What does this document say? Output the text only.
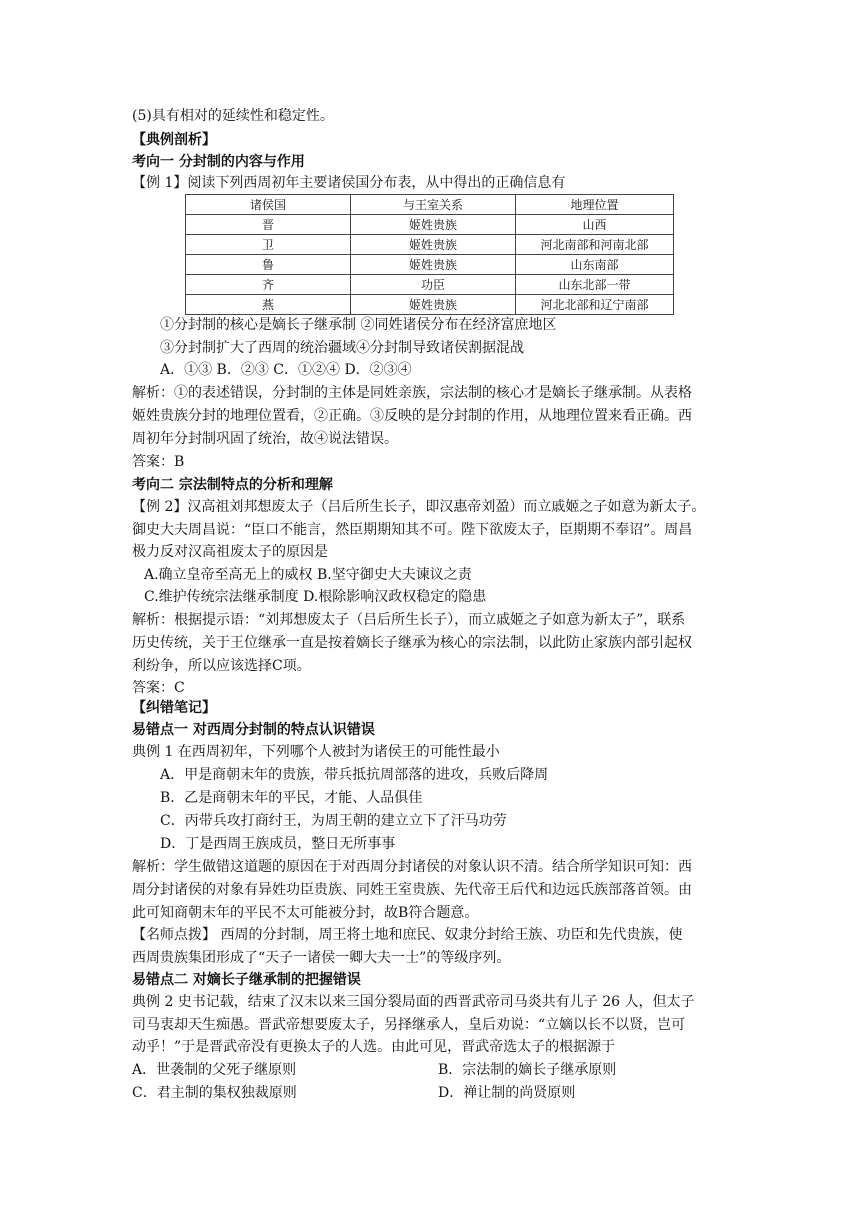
(5)具有相对的延续性和稳定性。
【典例剖析】
考向一 分封制的内容与作用
【例 1】阅读下列西周初年主要诸侯国分布表，从中得出的正确信息有
诸侯国	与王室关系	地理位置
晋	姬姓贵族	山西
卫	姬姓贵族	河北南部和河南北部
鲁	姬姓贵族	山东南部
齐	功臣	山东北部一带
燕	姬姓贵族	河北北部和辽宁南部
①分封制的核心是嫡长子继承制 ②同姓诸侯分布在经济富庶地区
③分封制扩大了西周的统治疆域④分封制导致诸侯割据混战
A．①③ B．②③ C．①②④ D．②③④
解析：①的表述错误，分封制的主体是同姓亲族，宗法制的核心才是嫡长子继承制。从表格
姬姓贵族分封的地理位置看，②正确。③反映的是分封制的作用，从地理位置来看正确。西
周初年分封制巩固了统治，故④说法错误。
答案：B
考向二 宗法制特点的分析和理解
【例 2】汉高祖刘邦想废太子（吕后所生长子，即汉惠帝刘盈）而立戚姬之子如意为新太子。
御史大夫周昌说：“臣口不能言，然臣期期知其不可。陛下欲废太子，臣期期不奉诏”。周昌
极力反对汉高祖废太子的原因是
A.确立皇帝至高无上的威权 B.坚守御史大夫谏议之责
C.维护传统宗法继承制度 D.根除影响汉政权稳定的隐患
解析：根据提示语：“刘邦想废太子（吕后所生长子），而立戚姬之子如意为新太子”，联系
历史传统，关于王位继承一直是按着嫡长子继承为核心的宗法制，以此防止家族内部引起权
利纷争，所以应该选择C项。
答案：C
【纠错笔记】
易错点一 对西周分封制的特点认识错误
典例 1 在西周初年，下列哪个人被封为诸侯王的可能性最小
A．甲是商朝末年的贵族，带兵抵抗周部落的进攻，兵败后降周
B．乙是商朝末年的平民，才能、人品俱佳
C．丙带兵攻打商纣王，为周王朝的建立立下了汗马功劳
D．丁是西周王族成员，整日无所事事
解析：学生做错这道题的原因在于对西周分封诸侯的对象认识不清。结合所学知识可知：西
周分封诸侯的对象有异姓功臣贵族、同姓王室贵族、先代帝王后代和边远氏族部落首领。由
此可知商朝末年的平民不太可能被分封，故B符合题意。
【名师点拨】 西周的分封制，周王将土地和庶民、奴隶分封给王族、功臣和先代贵族，使
西周贵族集团形成了“天子一诸侯一卿大夫一士”的等级序列。
易错点二 对嫡长子继承制的把握错误
典例 2 史书记载，结束了汉末以来三国分裂局面的西晋武帝司马炎共有儿子 26 人，但太子
司马衷却天生痴愚。晋武帝想要废太子，另择继承人，皇后劝说：“立嫡以长不以贤，岂可
动乎！”于是晋武帝没有更换太子的人选。由此可见，晋武帝选太子的根据源于
A．世袭制的父死子继原则	B．宗法制的嫡长子继承原则
C．君主制的集权独裁原则	D．禅让制的尚贤原则
